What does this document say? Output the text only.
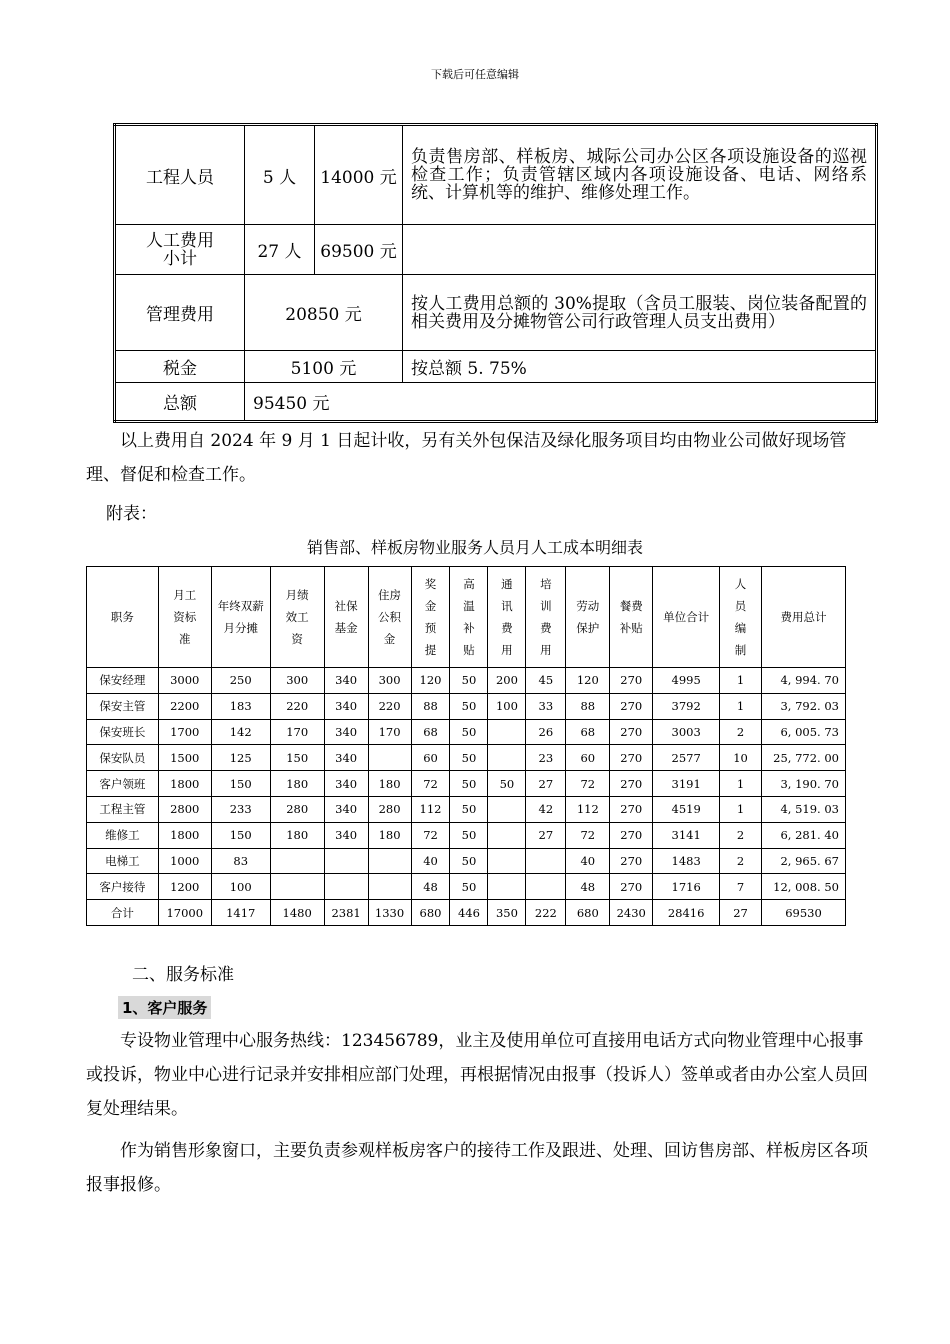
下载后可任意编辑
工程人员	5 人	14000 元	负责售房部、样板房、城际公司办公区各项设施设备的巡视检查工作；负责管辖区域内各项设施设备、电话、网络系统、计算机等的维护、维修处理工作。
人工费用小计	27 人	69500 元	
管理费用	20850 元		按人工费用总额的 30%提取（含员工服装、岗位装备配置的相关费用及分摊物管公司行政管理人员支出费用）
税金	5100 元		按总额 5. 75%
总额	95450 元		
以上费用自 2024 年 9 月 1 日起计收，另有关外包保洁及绿化服务项目均由物业公司做好现场管理、督促和检查工作。
附表：
销售部、样板房物业服务人员月人工成本明细表
职务	月工资标准	年终双薪月分摊	月绩效工资	社保基金	住房公积金	奖金预提	高温补贴	通讯费用	培训费用	劳动保护	餐费补贴	单位合计	人员编制	费用总计
保安经理	3000	250	300	340	300	120	50	200	45	120	270	4995	1	4, 994. 70
保安主管	2200	183	220	340	220	88	50	100	33	88	270	3792	1	3, 792. 03
保安班长	1700	142	170	340	170	68	50		26	68	270	3003	2	6, 005. 73
保安队员	1500	125	150	340		60	50		23	60	270	2577	10	25, 772. 00
客户领班	1800	150	180	340	180	72	50	50	27	72	270	3191	1	3, 190. 70
工程主管	2800	233	280	340	280	112	50		42	112	270	4519	1	4, 519. 03
维修工	1800	150	180	340	180	72	50		27	72	270	3141	2	6, 281. 40
电梯工	1000	83				40	50			40	270	1483	2	2, 965. 67
客户接待	1200	100				48	50			48	270	1716	7	12, 008. 50
合计	17000	1417	1480	2381	1330	680	446	350	222	680	2430	28416	27	69530
二、服务标准
1、客户服务
专设物业管理中心服务热线：123456789，业主及使用单位可直接用电话方式向物业管理中心报事或投诉，物业中心进行记录并安排相应部门处理，再根据情况由报事（投诉人）签单或者由办公室人员回复处理结果。
作为销售形象窗口，主要负责参观样板房客户的接待工作及跟进、处理、回访售房部、样板房区各项报事报修。
